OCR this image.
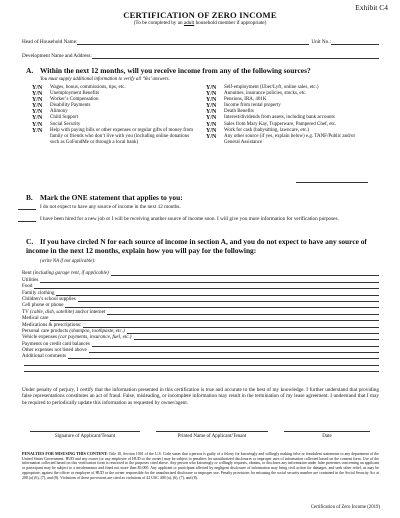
Exhibit C4
CERTIFICATION OF ZERO INCOME
(To be completed by an adult household member if appropriate)
Head of Household Name:	Unit No.:
Development Name and Address:
A. Within the next 12 months, will you receive income from any of the following sources?
You must supply additional information to verify all ‘Yes’ answers.
Y/N	Wages, bonus, commissions, tips, etc.
Y/N	Unemployment Benefits
Y/N	Worker’s Compensation
Y/N	Disability Payments
Y/N	Alimony
Y/N	Child Support
Y/N	Social Security
Y/N	Help with paying bills or other expenses or regular gifts of money from family or friends who don’t live with you (including online donations such as GoFundMe or through a local bank)
Y/N	Self-employment (Uber/Lyft, online sales, etc.)
Y/N	Annuities, insurance policies, stocks, etc.
Y/N	Pensions, IRA, 401K
Y/N	Income from rental property
Y/N	Death Benefits
Y/N	Interest/dividends from assets, including bank accounts
Y/N	Sales from Mary Kay, Tupperware, Pampered Chef, etc.
Y/N	Work for cash (babysitting, lawncare, etc.)
Y/N	Any other source (if yes, explain below) e.g. TANF/Public and/or General Assistance
B. Mark the ONE statement that applies to you:
I do not expect to have any source of income in the next 12 months.
I have been hired for a new job or I will be receiving another source of income soon. I will give you more information for verification purposes.
C. If you have circled N for each source of income in section A, and you do not expect to have any source of income in the next 12 months, explain how you will pay for the following:
(write NA if not applicable):
Rent (including garage rent, if applicable)
Utilities
Food
Family clothing
Children’s school supplies
Cell phone or phone
TV (cable, dish, satellite) and/or internet
Medical care
Medications & prescriptions:
Personal care products (shampoo, toothpaste, etc.)
Vehicle expenses (car payments, insurance, fuel, etc.)
Payments on credit card balances
Other expenses not listed above
Additional comments
Under penalty of perjury, I certify that the information presented in this certification is true and accurate to the best of my knowledge. I further understand that providing false representations constitutes an act of fraud. False, misleading, or incomplete information may result in the termination of my lease agreement. I understand that I may be required to periodically update this information as requested by owner/agent.
Signature of Applicant/Tenant	Printed Name of Applicant/Tenant	Date
PENALTIES FOR MISUSING THIS CONTENT: Title 18, Section 1001 of the U.S. Code states that a person is guilty of a felony for knowingly and willingly making false or fraudulent statements to any department of the United States Government. HUD and any owner (or any employee of HUD or the owner) may be subject to penalties for unauthorized disclosures or improper uses of information collected based on the consent form. Use of the information collected based on this verification form is restricted to the purposes cited above. Any person who knowingly or willingly requests, obtains, or discloses any information under false pretenses concerning an applicant or participant may be subject to a misdemeanor and fined not more than $5,000. Any applicant or participant affected by negligent disclosure of information may bring civil action for damages, and seek other relief, as may be appropriate, against the officer or employee of HUD or the owner responsible for the unauthorized disclosure or improper use. Penalty provisions for misusing the social security number are contained in the Social Security Act at 208 (a) (6), (7), and (8). Violations of these provisions are cited as violations of 42 USC 408 (a), (6), (7), and (8).
Certification of Zero Income (2019)
